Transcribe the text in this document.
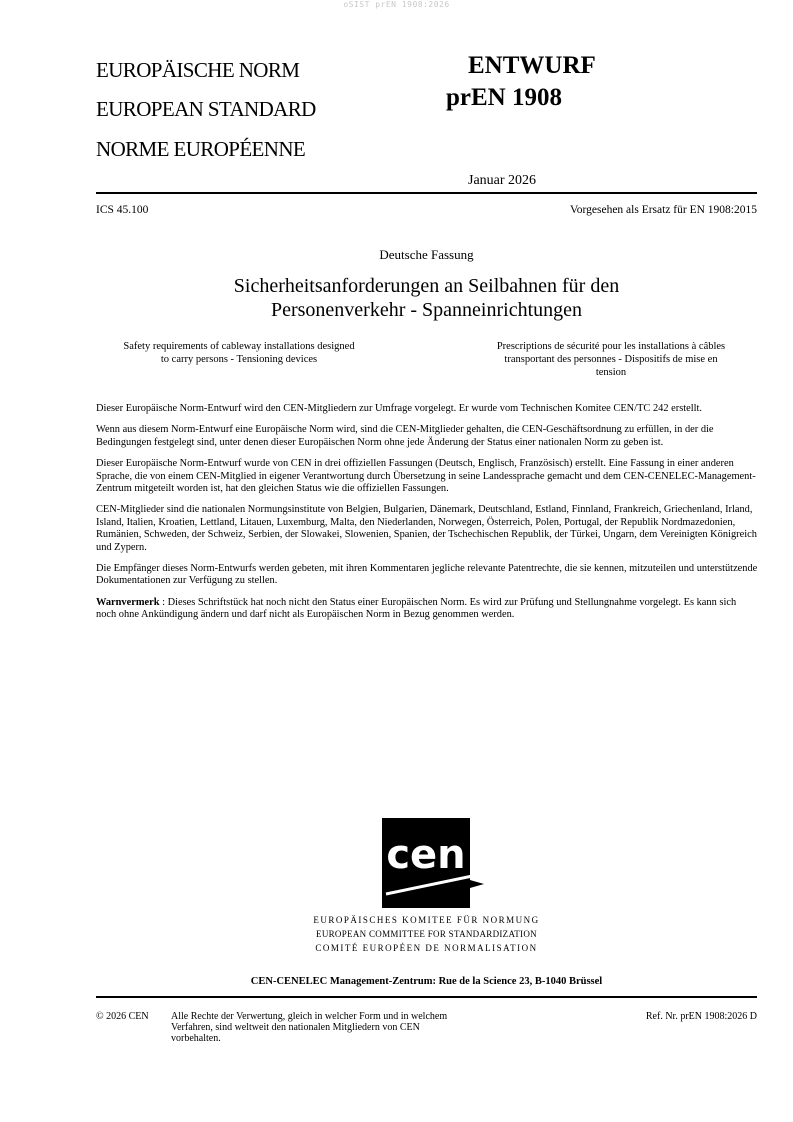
oSIST prEN 1908:2026
EUROPÄISCHE NORM
EUROPEAN STANDARD
NORME EUROPÉENNE
ENTWURF
prEN 1908
Januar 2026
ICS 45.100	Vorgesehen als Ersatz für EN 1908:2015
Deutsche Fassung
Sicherheitsanforderungen an Seilbahnen für den
Personenverkehr - Spanneinrichtungen
Safety requirements of cableway installations designed
to carry persons - Tensioning devices
Prescriptions de sécurité pour les installations à câbles
transportant des personnes - Dispositifs de mise en
tension

Dieser Europäische Norm-Entwurf wird den CEN-Mitgliedern zur Umfrage vorgelegt. Er wurde vom Technischen Komitee CEN/TC 242 erstellt.

Wenn aus diesem Norm-Entwurf eine Europäische Norm wird, sind die CEN-Mitglieder gehalten, die CEN-Geschäftsordnung zu erfüllen, in der die Bedingungen festgelegt sind, unter denen dieser Europäischen Norm ohne jede Änderung der Status einer nationalen Norm zu geben ist.

Dieser Europäische Norm-Entwurf wurde von CEN in drei offiziellen Fassungen (Deutsch, Englisch, Französisch) erstellt. Eine Fassung in einer anderen Sprache, die von einem CEN-Mitglied in eigener Verantwortung durch Übersetzung in seine Landessprache gemacht und dem CEN-CENELEC-Management-Zentrum mitgeteilt worden ist, hat den gleichen Status wie die offiziellen Fassungen.

CEN-Mitglieder sind die nationalen Normungsinstitute von Belgien, Bulgarien, Dänemark, Deutschland, Estland, Finnland, Frankreich, Griechenland, Irland, Island, Italien, Kroatien, Lettland, Litauen, Luxemburg, Malta, den Niederlanden, Norwegen, Österreich, Polen, Portugal, der Republik Nordmazedonien, Rumänien, Schweden, der Schweiz, Serbien, der Slowakei, Slowenien, Spanien, der Tschechischen Republik, der Türkei, Ungarn, dem Vereinigten Königreich und Zypern.

Die Empfänger dieses Norm-Entwurfs werden gebeten, mit ihren Kommentaren jegliche relevante Patentrechte, die sie kennen, mitzuteilen und unterstützende Dokumentationen zur Verfügung zu stellen.

Warnvermerk : Dieses Schriftstück hat noch nicht den Status einer Europäischen Norm. Es wird zur Prüfung und Stellungnahme vorgelegt. Es kann sich noch ohne Ankündigung ändern und darf nicht als Europäischen Norm in Bezug genommen werden.

cen
EUROPÄISCHES KOMITEE FÜR NORMUNG
EUROPEAN COMMITTEE FOR STANDARDIZATION
COMITÉ EUROPÉEN DE NORMALISATION
CEN-CENELEC Management-Zentrum: Rue de la Science 23, B-1040 Brüssel
© 2026 CEN Alle Rechte der Verwertung, gleich in welcher Form und in welchem
Verfahren, sind weltweit den nationalen Mitgliedern von CEN
vorbehalten.
Ref. Nr. prEN 1908:2026 D
